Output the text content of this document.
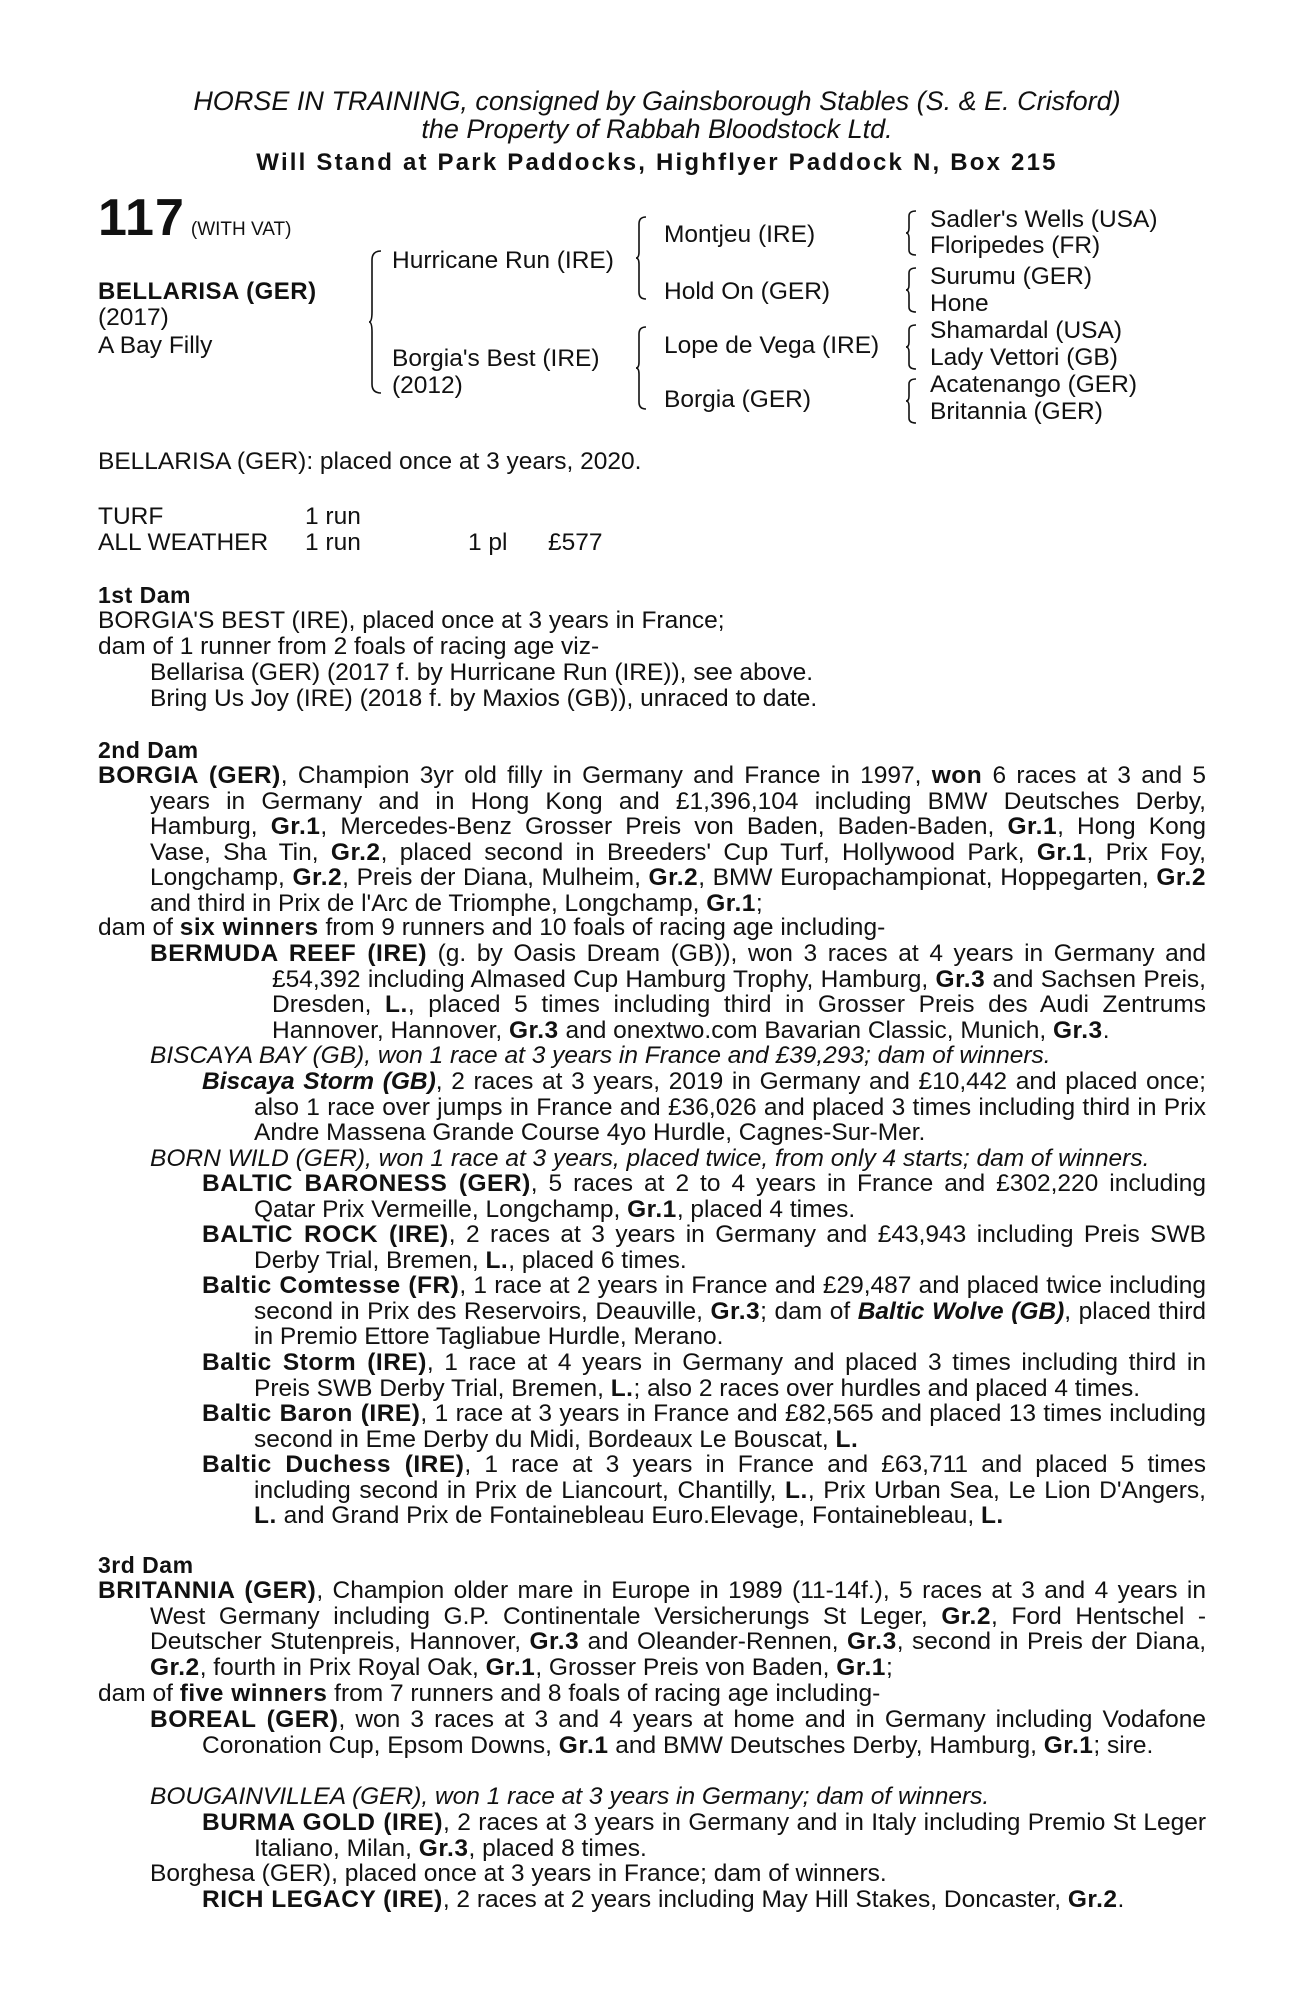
HORSE IN TRAINING, consigned by Gainsborough Stables (S. & E. Crisford)
the Property of Rabbah Bloodstock Ltd.
Will Stand at Park Paddocks, Highflyer Paddock N, Box 215
117 (WITH VAT)
BELLARISA (GER)
(2017)
A Bay Filly
Hurricane Run (IRE)
Borgia's Best (IRE)
(2012)
Montjeu (IRE)
Hold On (GER)
Lope de Vega (IRE)
Borgia (GER)
Sadler's Wells (USA)
Floripedes (FR)
Surumu (GER)
Hone
Shamardal (USA)
Lady Vettori (GB)
Acatenango (GER)
Britannia (GER)
BELLARISA (GER): placed once at 3 years, 2020.
TURF	1 run
ALL WEATHER 1 run	1 pl £577
1st Dam
BORGIA'S BEST (IRE), placed once at 3 years in France;
dam of 1 runner from 2 foals of racing age viz-
Bellarisa (GER) (2017 f. by Hurricane Run (IRE)), see above.
Bring Us Joy (IRE) (2018 f. by Maxios (GB)), unraced to date.
2nd Dam

BORGIA (GER), Champion 3yr old filly in Germany and France in 1997, won 6 races at 3 and 5 years in Germany and in Hong Kong and £1,396,104 including BMW Deutsches Derby, Hamburg, Gr.1, Mercedes-Benz Grosser Preis von Baden, Baden-Baden, Gr.1, Hong Kong Vase, Sha Tin, Gr.2, placed second in Breeders' Cup Turf, Hollywood Park, Gr.1, Prix Foy, Longchamp, Gr.2, Preis der Diana, Mulheim, Gr.2, BMW Europachampionat, Hoppegarten, Gr.2 and third in Prix de l'Arc de Triomphe, Longchamp, Gr.1;

dam of six winners from 9 runners and 10 foals of racing age including-

BERMUDA REEF (IRE) (g. by Oasis Dream (GB)), won 3 races at 4 years in Germany and £54,392 including Almased Cup Hamburg Trophy, Hamburg, Gr.3 and Sachsen Preis, Dresden, L., placed 5 times including third in Grosser Preis des Audi Zentrums Hannover, Hannover, Gr.3 and onextwo.com Bavarian Classic, Munich, Gr.3.

BISCAYA BAY (GB), won 1 race at 3 years in France and £39,293; dam of winners.

Biscaya Storm (GB), 2 races at 3 years, 2019 in Germany and £10,442 and placed once; also 1 race over jumps in France and £36,026 and placed 3 times including third in Prix Andre Massena Grande Course 4yo Hurdle, Cagnes-Sur-Mer.

BORN WILD (GER), won 1 race at 3 years, placed twice, from only 4 starts; dam of winners.

BALTIC BARONESS (GER), 5 races at 2 to 4 years in France and £302,220 including Qatar Prix Vermeille, Longchamp, Gr.1, placed 4 times.

BALTIC ROCK (IRE), 2 races at 3 years in Germany and £43,943 including Preis SWB Derby Trial, Bremen, L., placed 6 times.

Baltic Comtesse (FR), 1 race at 2 years in France and £29,487 and placed twice including second in Prix des Reservoirs, Deauville, Gr.3; dam of Baltic Wolve (GB), placed third in Premio Ettore Tagliabue Hurdle, Merano.

Baltic Storm (IRE), 1 race at 4 years in Germany and placed 3 times including third in Preis SWB Derby Trial, Bremen, L.; also 2 races over hurdles and placed 4 times.

Baltic Baron (IRE), 1 race at 3 years in France and £82,565 and placed 13 times including second in Eme Derby du Midi, Bordeaux Le Bouscat, L.

Baltic Duchess (IRE), 1 race at 3 years in France and £63,711 and placed 5 times including second in Prix de Liancourt, Chantilly, L., Prix Urban Sea, Le Lion D'Angers, L. and Grand Prix de Fontainebleau Euro.Elevage, Fontainebleau, L.

3rd Dam

BRITANNIA (GER), Champion older mare in Europe in 1989 (11-14f.), 5 races at 3 and 4 years in West Germany including G.P. Continentale Versicherungs St Leger, Gr.2, Ford Hentschel - Deutscher Stutenpreis, Hannover, Gr.3 and Oleander-Rennen, Gr.3, second in Preis der Diana, Gr.2, fourth in Prix Royal Oak, Gr.1, Grosser Preis von Baden, Gr.1;

dam of five winners from 7 runners and 8 foals of racing age including-

BOREAL (GER), won 3 races at 3 and 4 years at home and in Germany including Vodafone Coronation Cup, Epsom Downs, Gr.1 and BMW Deutsches Derby, Hamburg, Gr.1; sire.

BOUGAINVILLEA (GER), won 1 race at 3 years in Germany; dam of winners.

BURMA GOLD (IRE), 2 races at 3 years in Germany and in Italy including Premio St Leger Italiano, Milan, Gr.3, placed 8 times.

Borghesa (GER), placed once at 3 years in France; dam of winners.
RICH LEGACY (IRE), 2 races at 2 years including May Hill Stakes, Doncaster, Gr.2.
